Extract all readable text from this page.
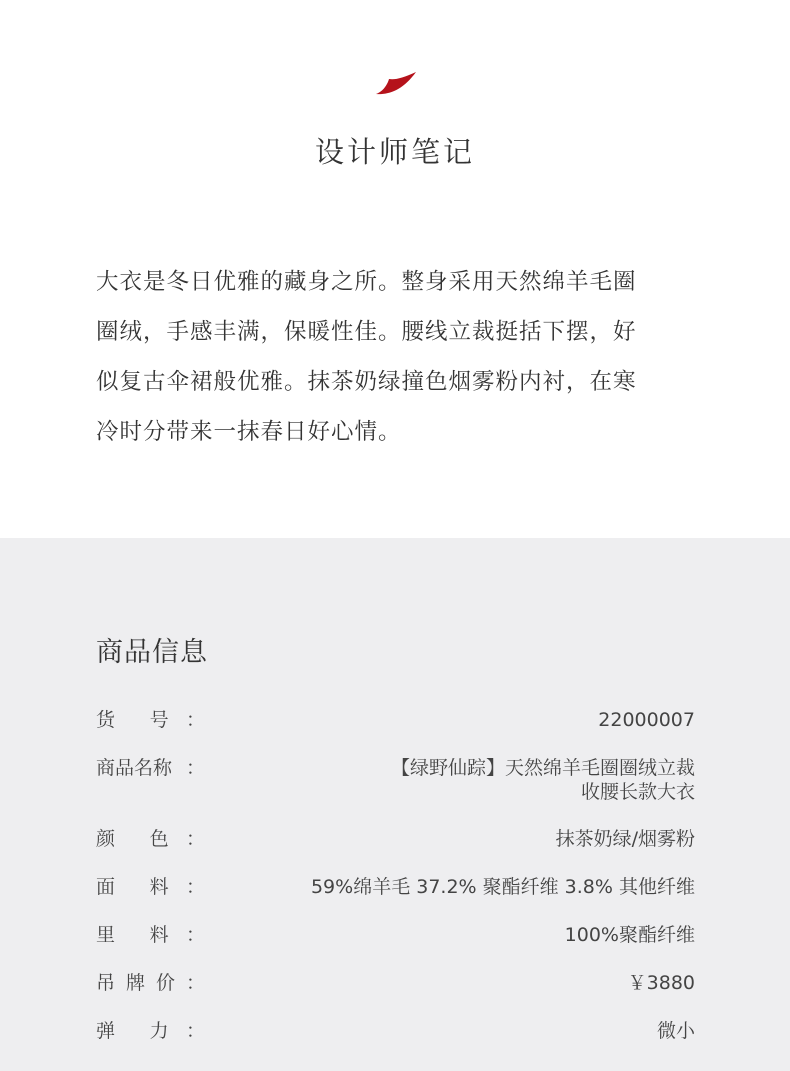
设计师笔记
大衣是冬日优雅的藏身之所。整身采用天然绵羊毛圈
圈绒，手感丰满，保暖性佳。腰线立裁挺括下摆，好
似复古伞裙般优雅。抹茶奶绿撞色烟雾粉内衬，在寒
冷时分带来一抹春日好心情。
商品信息
货 号 ：	22000007
商品名称 ：	【绿野仙踪】天然绵羊毛圈圈绒立裁
收腰长款大衣
颜 色 ：	抹茶奶绿/烟雾粉
面 料 ：	59%绵羊毛 37.2% 聚酯纤维 3.8% 其他纤维
里 料 ：	100%聚酯纤维
吊 牌 价 ：	￥3880
弹 力 ：	微小
